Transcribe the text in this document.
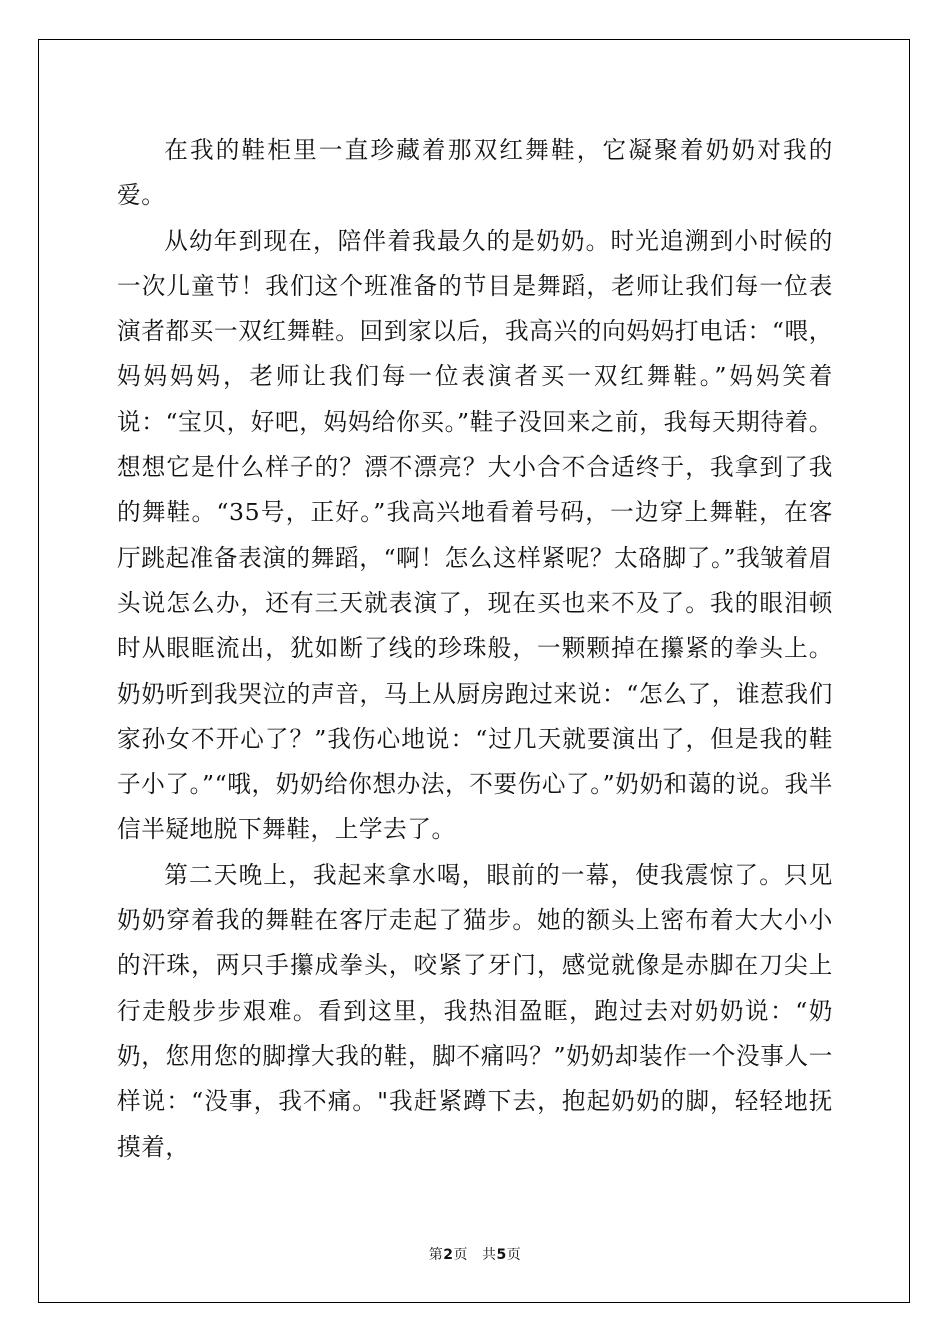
在我的鞋柜里一直珍藏着那双红舞鞋，它凝聚着奶奶对我的爱。

从幼年到现在，陪伴着我最久的是奶奶。时光追溯到小时候的一次儿童节！我们这个班准备的节目是舞蹈，老师让我们每一位表演者都买一双红舞鞋。回到家以后，我高兴的向妈妈打电话：“喂，妈妈妈妈，老师让我们每一位表演者买一双红舞鞋。”妈妈笑着说：“宝贝，好吧，妈妈给你买。”鞋子没回来之前，我每天期待着。想想它是什么样子的？漂不漂亮？大小合不合适终于，我拿到了我的舞鞋。“35号，正好。”我高兴地看着号码，一边穿上舞鞋，在客厅跳起准备表演的舞蹈，“啊！怎么这样紧呢？太硌脚了。”我皱着眉头说怎么办，还有三天就表演了，现在买也来不及了。我的眼泪顿时从眼眶流出，犹如断了线的珍珠般，一颗颗掉在攥紧的拳头上。奶奶听到我哭泣的声音，马上从厨房跑过来说：“怎么了，谁惹我们家孙女不开心了？”我伤心地说：“过几天就要演出了，但是我的鞋子小了。”“哦，奶奶给你想办法，不要伤心了。”奶奶和蔼的说。我半信半疑地脱下舞鞋，上学去了。

第二天晚上，我起来拿水喝，眼前的一幕，使我震惊了。只见奶奶穿着我的舞鞋在客厅走起了猫步。她的额头上密布着大大小小的汗珠，两只手攥成拳头，咬紧了牙门，感觉就像是赤脚在刀尖上行走般步步艰难。看到这里，我热泪盈眶，跑过去对奶奶说：“奶奶，您用您的脚撑大我的鞋，脚不痛吗？”奶奶却装作一个没事人一样说：“没事，我不痛。"我赶紧蹲下去，抱起奶奶的脚，轻轻地抚摸着，

第2页 共5页
